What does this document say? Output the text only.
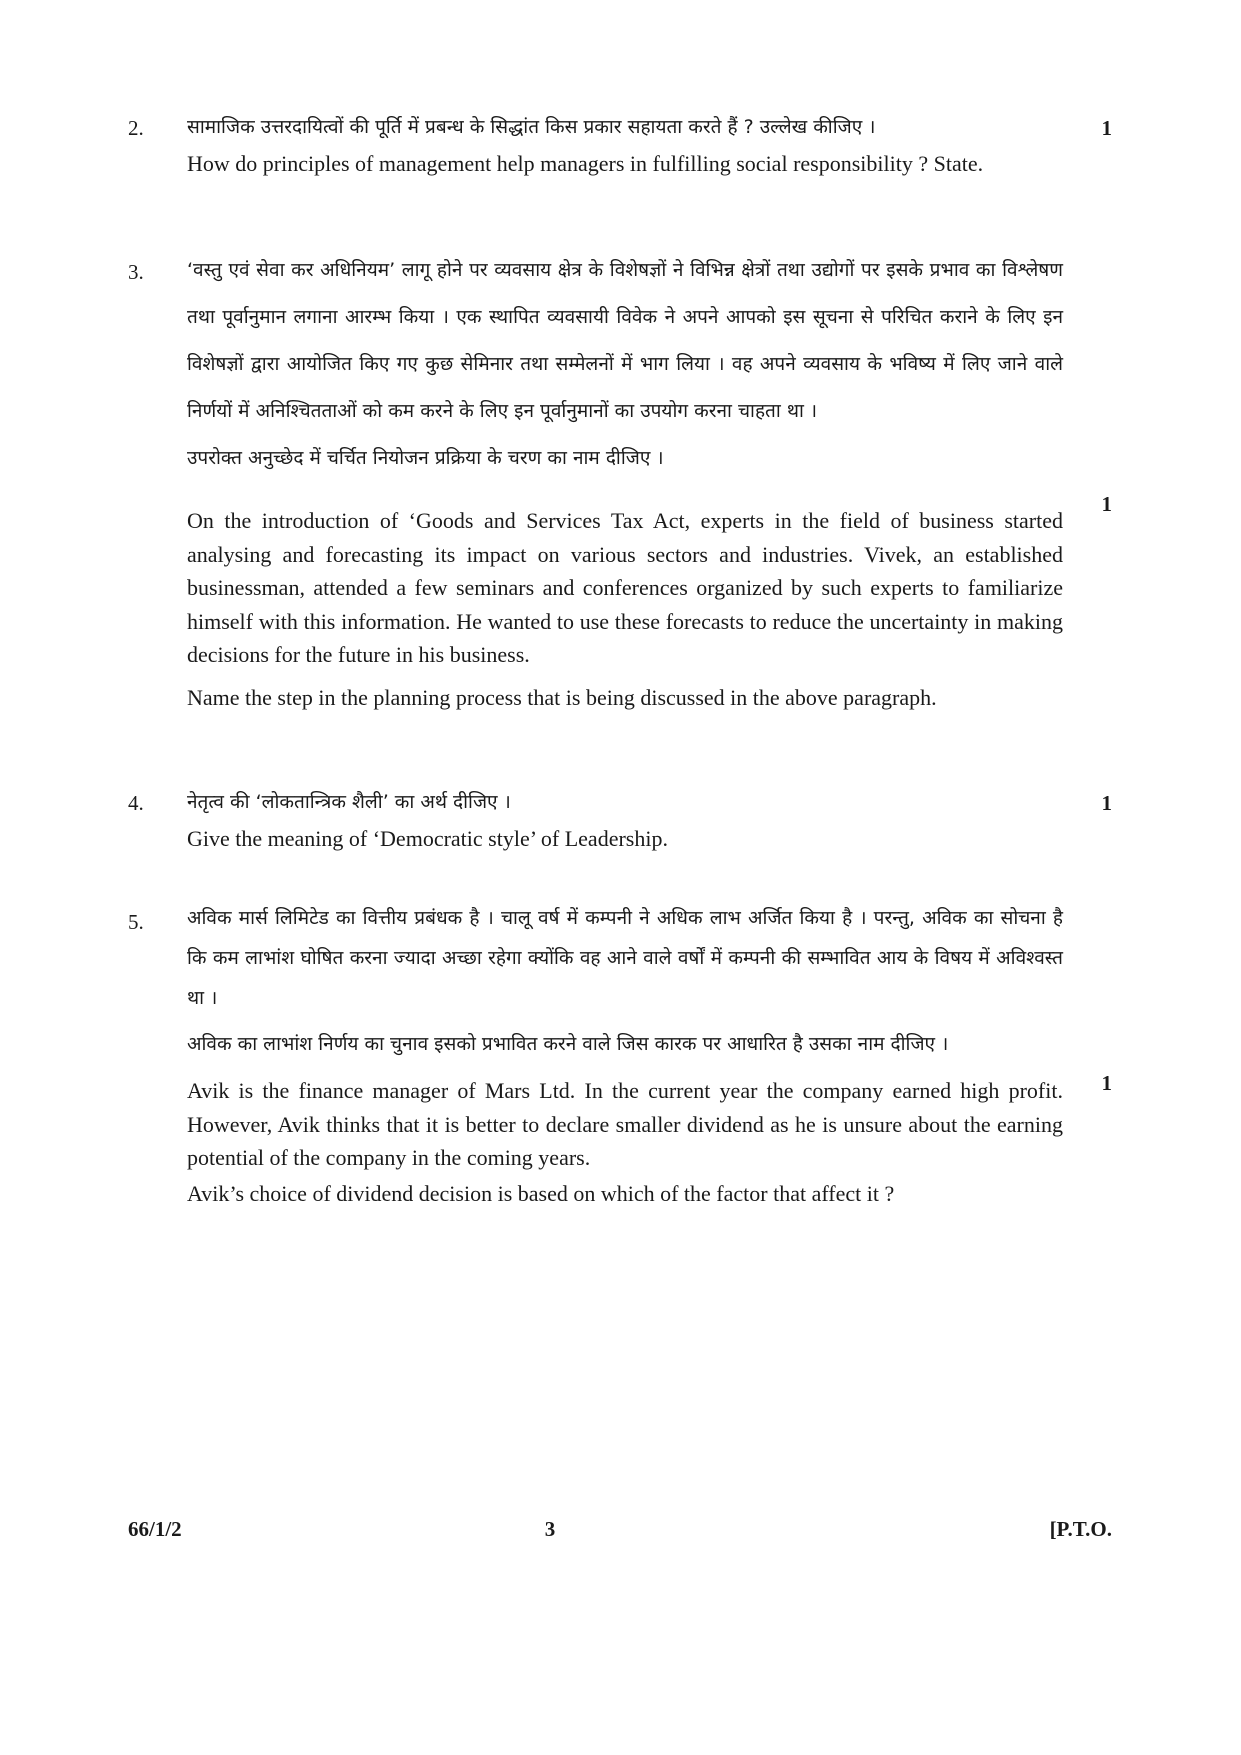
2.	1

सामाजिक उत्तरदायित्वों की पूर्ति में प्रबन्ध के सिद्धांत किस प्रकार सहायता करते हैं ? उल्लेख कीजिए ।

How do principles of management help managers in fulfilling social responsibility ? State.

3.
1

‘वस्तु एवं सेवा कर अधिनियम’ लागू होने पर व्यवसाय क्षेत्र के विशेषज्ञों ने विभिन्न क्षेत्रों तथा उद्योगों पर इसके प्रभाव का विश्लेषण तथा पूर्वानुमान लगाना आरम्भ किया । एक स्थापित व्यवसायी विवेक ने अपने आपको इस सूचना से परिचित कराने के लिए इन विशेषज्ञों द्वारा आयोजित किए गए कुछ सेमिनार तथा सम्मेलनों में भाग लिया । वह अपने व्यवसाय के भविष्य में लिए जाने वाले निर्णयों में अनिश्चितताओं को कम करने के लिए इन पूर्वानुमानों का उपयोग करना चाहता था ।

उपरोक्त अनुच्छेद में चर्चित नियोजन प्रक्रिया के चरण का नाम दीजिए ।

On the introduction of ‘Goods and Services Tax Act, experts in the field of business started analysing and forecasting its impact on various sectors and industries. Vivek, an established businessman, attended a few seminars and conferences organized by such experts to familiarize himself with this information. He wanted to use these forecasts to reduce the uncertainty in making decisions for the future in his business.

Name the step in the planning process that is being discussed in the above paragraph.

4.	1

नेतृत्व की ‘लोकतान्त्रिक शैली’ का अर्थ दीजिए ।

Give the meaning of ‘Democratic style’ of Leadership.

5.
1

अविक मार्स लिमिटेड का वित्तीय प्रबंधक है । चालू वर्ष में कम्पनी ने अधिक लाभ अर्जित किया है । परन्तु, अविक का सोचना है कि कम लाभांश घोषित करना ज्यादा अच्छा रहेगा क्योंकि वह आने वाले वर्षों में कम्पनी की सम्भावित आय के विषय में अविश्वस्त था ।

अविक का लाभांश निर्णय का चुनाव इसको प्रभावित करने वाले जिस कारक पर आधारित है उसका नाम दीजिए ।

Avik is the finance manager of Mars Ltd. In the current year the company earned high profit. However, Avik thinks that it is better to declare smaller dividend as he is unsure about the earning potential of the company in the coming years.

Avik’s choice of dividend decision is based on which of the factor that affect it ?

66/1/2	3	[P.T.O.
